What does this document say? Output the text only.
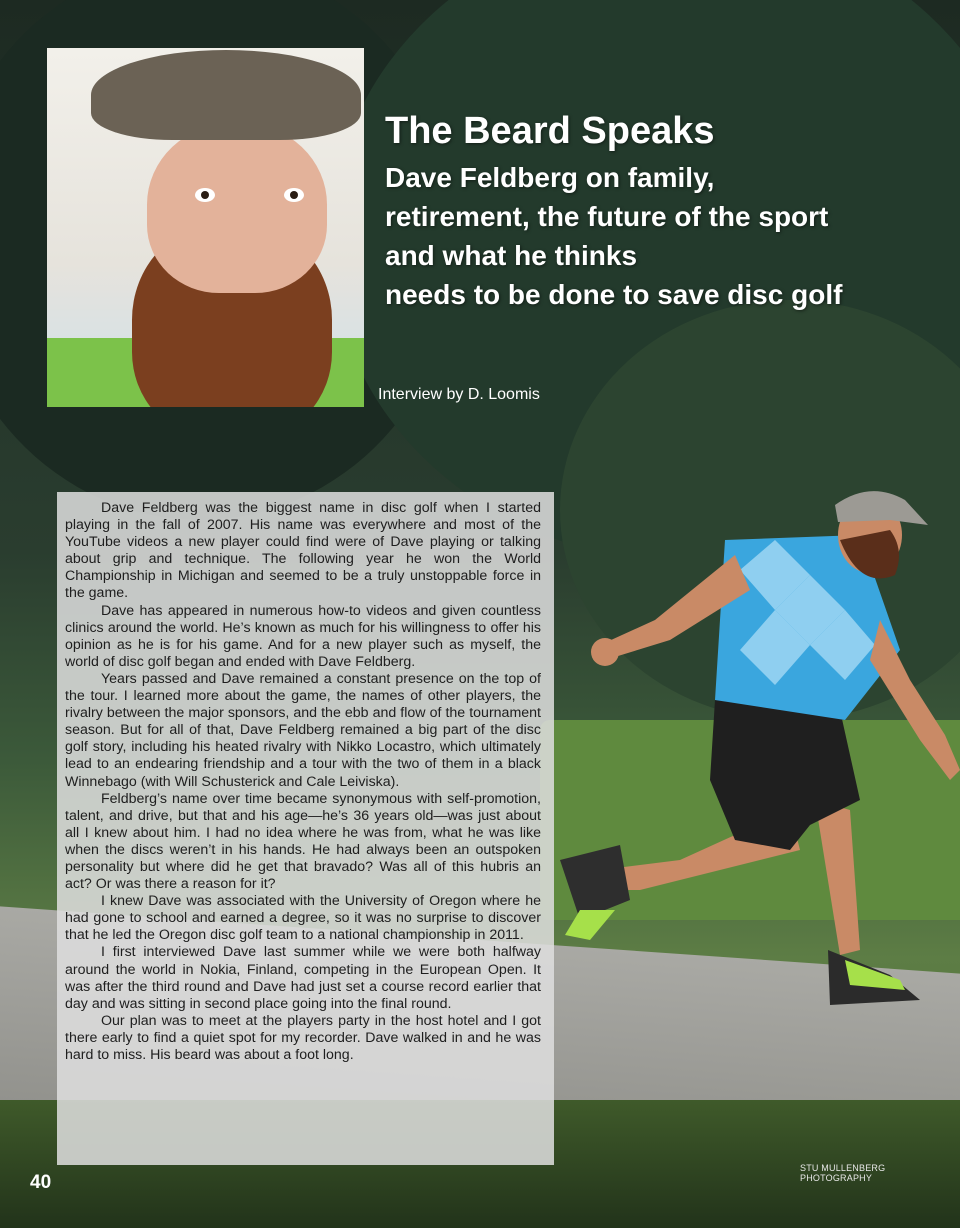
The Beard Speaks
Dave Feldberg on family,
retirement, the future of the sport
and what he thinks
needs to be done to save disc golf
Interview by D. Loomis

Dave Feldberg was the biggest name in disc golf when I started playing in the fall of 2007. His name was everywhere and most of the YouTube videos a new player could find were of Dave playing or talking about grip and technique. The following year he won the World Championship in Michigan and seemed to be a truly unstoppable force in the game.

Dave has appeared in numerous how-to videos and given countless clinics around the world. He’s known as much for his willingness to offer his opinion as he is for his game. And for a new player such as myself, the world of disc golf began and ended with Dave Feldberg.

Years passed and Dave remained a constant presence on the top of the tour. I learned more about the game, the names of other players, the rivalry between the major sponsors, and the ebb and flow of the tournament season. But for all of that, Dave Feldberg remained a big part of the disc golf story, including his heated rivalry with Nikko Locastro, which ultimately lead to an endearing friendship and a tour with the two of them in a black Winnebago (with Will Schusterick and Cale Leiviska).

Feldberg’s name over time became synonymous with self-promotion, talent, and drive, but that and his age—he’s 36 years old—was just about all I knew about him. I had no idea where he was from, what he was like when the discs weren’t in his hands. He had always been an outspoken personality but where did he get that bravado? Was all of this hubris an act? Or was there a reason for it?

I knew Dave was associated with the University of Oregon where he had gone to school and earned a degree, so it was no surprise to discover that he led the Oregon disc golf team to a national championship in 2011.

I first interviewed Dave last summer while we were both halfway around the world in Nokia, Finland, competing in the European Open. It was after the third round and Dave had just set a course record earlier that day and was sitting in second place going into the final round.

Our plan was to meet at the players party in the host hotel and I got there early to find a quiet spot for my recorder. Dave walked in and he was hard to miss. His beard was about a foot long.

40
STU MULLENBERG PHOTOGRAPHY
